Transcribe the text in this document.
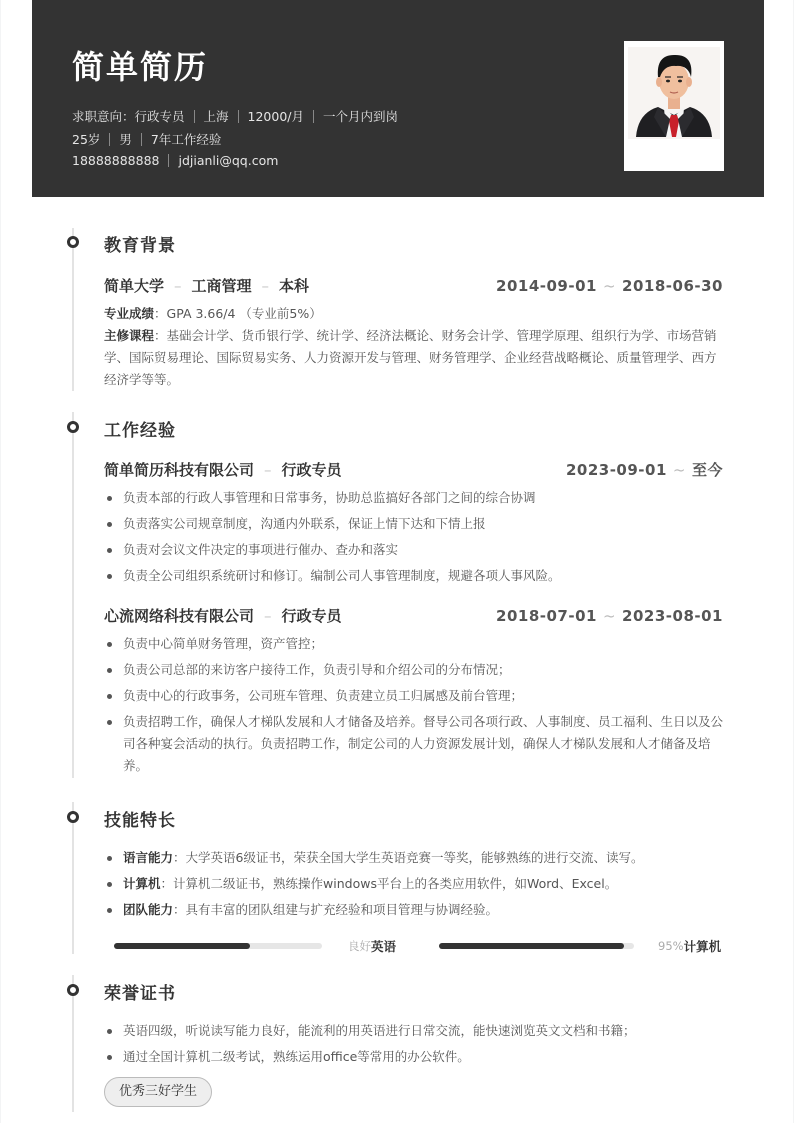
简单简历
求职意向：行政专员 上海 12000/月 一个月内到岗
25岁 男 7年工作经验
18888888888 jdjianli@qq.com
教育背景
简单大学 – 工商管理 – 本科	2014-09-01 ~ 2018-06-30
专业成绩：GPA 3.66/4 （专业前5%）
主修课程：基础会计学、货币银行学、统计学、经济法概论、财务会计学、管理学原理、组织行为学、市场营销学、国际贸易理论、国际贸易实务、人力资源开发与管理、财务管理学、企业经营战略概论、质量管理学、西方经济学等等。
工作经验
简单简历科技有限公司 – 行政专员	2023-09-01 ~ 至今
负责本部的行政人事管理和日常事务，协助总监搞好各部门之间的综合协调
负责落实公司规章制度，沟通内外联系，保证上情下达和下情上报
负责对会议文件决定的事项进行催办、查办和落实
负责全公司组织系统研讨和修订。编制公司人事管理制度，规避各项人事风险。
心流网络科技有限公司 – 行政专员	2018-07-01 ~ 2023-08-01
负责中心简单财务管理，资产管控；
负责公司总部的来访客户接待工作，负责引导和介绍公司的分布情况；
负责中心的行政事务，公司班车管理、负责建立员工归属感及前台管理；
负责招聘工作，确保人才梯队发展和人才储备及培养。督导公司各项行政、人事制度、员工福利、生日以及公司各种宴会活动的执行。负责招聘工作，制定公司的人力资源发展计划，确保人才梯队发展和人才储备及培养。
技能特长
语言能力：大学英语6级证书，荣获全国大学生英语竞赛一等奖，能够熟练的进行交流、读写。
计算机：计算机二级证书，熟练操作windows平台上的各类应用软件，如Word、Excel。
团队能力：具有丰富的团队组建与扩充经验和项目管理与协调经验。
良好 英语	95% 计算机
荣誉证书
英语四级，听说读写能力良好，能流利的用英语进行日常交流，能快速浏览英文文档和书籍；
通过全国计算机二级考试，熟练运用office等常用的办公软件。
优秀三好学生
